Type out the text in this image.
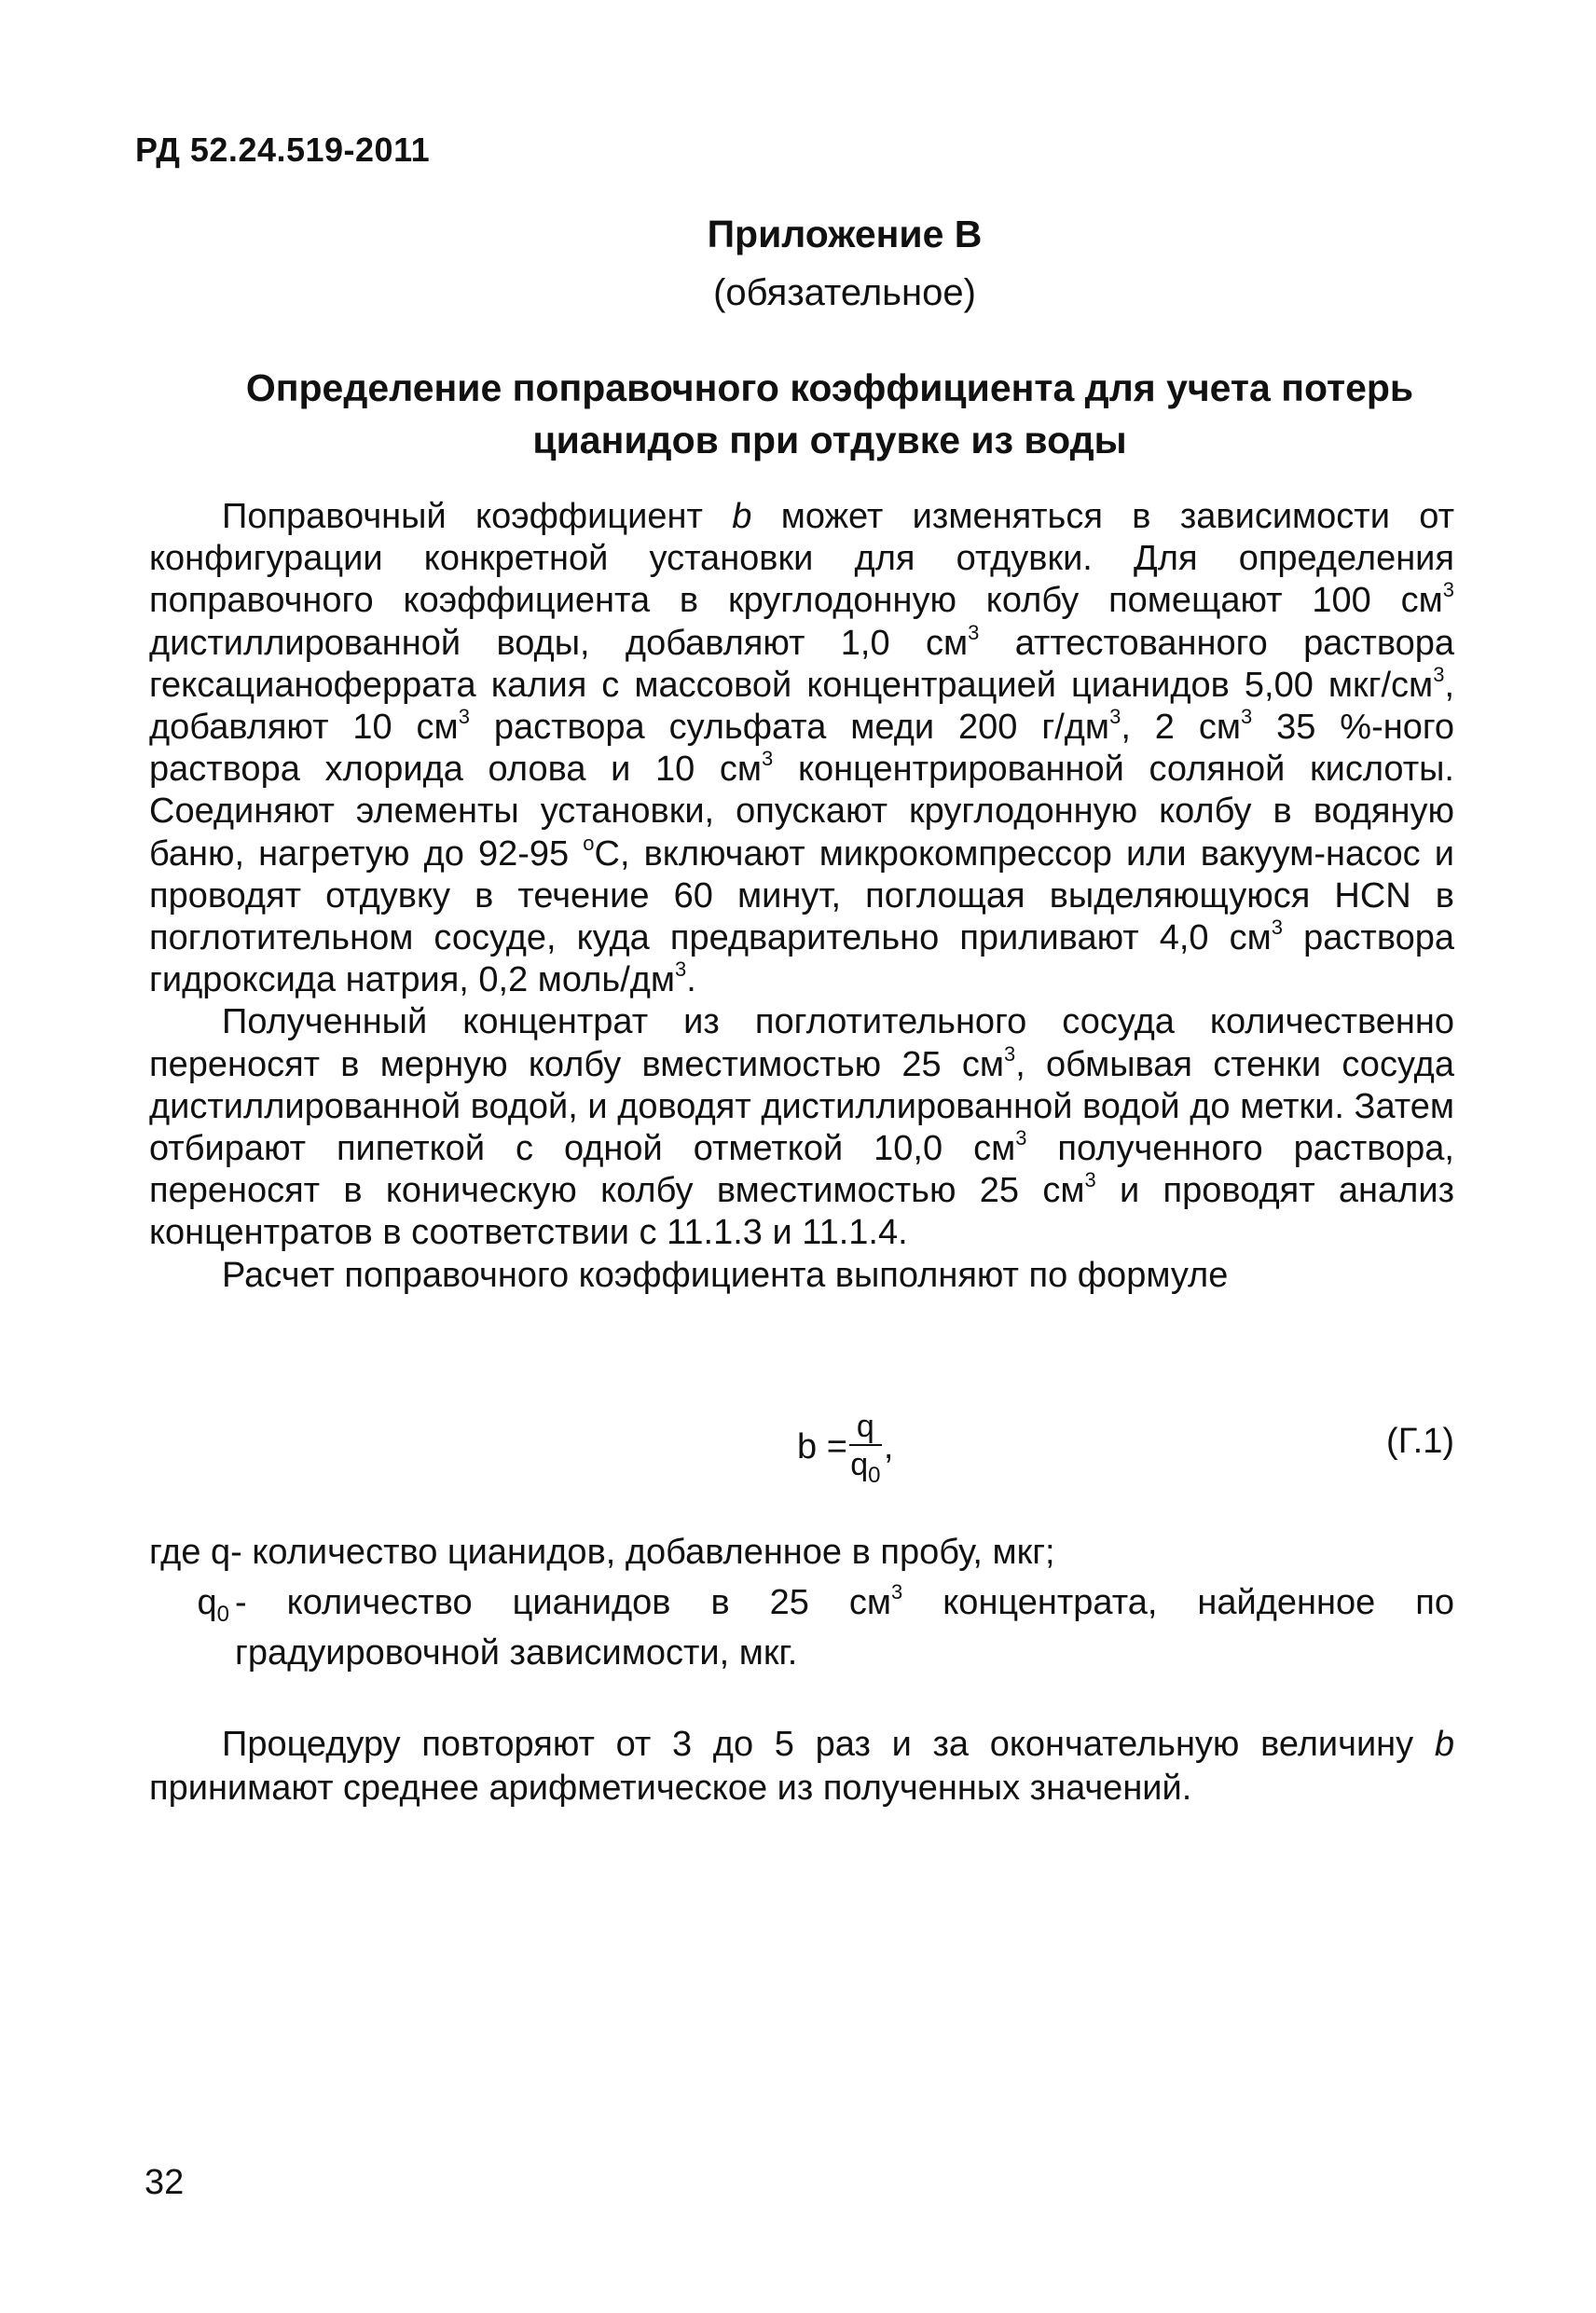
РД 52.24.519-2011
Приложение В
(обязательное)
Определение поправочного коэффициента для учета потерь цианидов при отдувке из воды

Поправочный коэффициент b может изменяться в зависимости от конфигурации конкретной установки для отдувки. Для определения поправочного коэффициента в круглодонную колбу помещают 100 $см^3$ дистиллированной воды, добавляют 1,0 $см^3$ аттестованного раствора гексацианоферрата калия с массовой концентрацией цианидов 5,00 мкг/$см^3$, добавляют 10 $см^3$ раствора сульфата меди 200 $г/дм^3$, 2 $см^3$ 35 %-ного раствора хлорида олова и 10 $см^3$ концентрированной соляной кислоты. Соединяют элементы установки, опускают круглодонную колбу в водяную баню, нагретую до 92-95 $^о$С, включают микрокомпрессор или вакуум-насос и проводят отдувку в течение 60 минут, поглощая выделяющуюся HCN в поглотительном сосуде, куда предварительно приливают 4,0 $см^3$ раствора гидроксида натрия, 0,2 моль/$дм^3$.

Полученный концентрат из поглотительного сосуда количественно переносят в мерную колбу вместимостью 25 $см^3$, обмывая стенки сосуда дистиллированной водой, и доводят дистиллированной водой до метки. Затем отбирают пипеткой с одной отметкой 10,0 $см^3$ полученного раствора, переносят в коническую колбу вместимостью 25 $см^3$ и проводят анализ концентратов в соответствии с 11.1.3 и 11.1.4.

Расчет поправочного коэффициента выполняют по формуле

$b = \frac{q}{q_0}$ ,	(Г.1)
где q - количество цианидов, добавленное в пробу, мкг;
$q_0$ - количество цианидов в 25 $см^3$ концентрата, найденное по градуировочной зависимости, мкг.

Процедуру повторяют от 3 до 5 раз и за окончательную величину b принимают среднее арифметическое из полученных значений.

32
